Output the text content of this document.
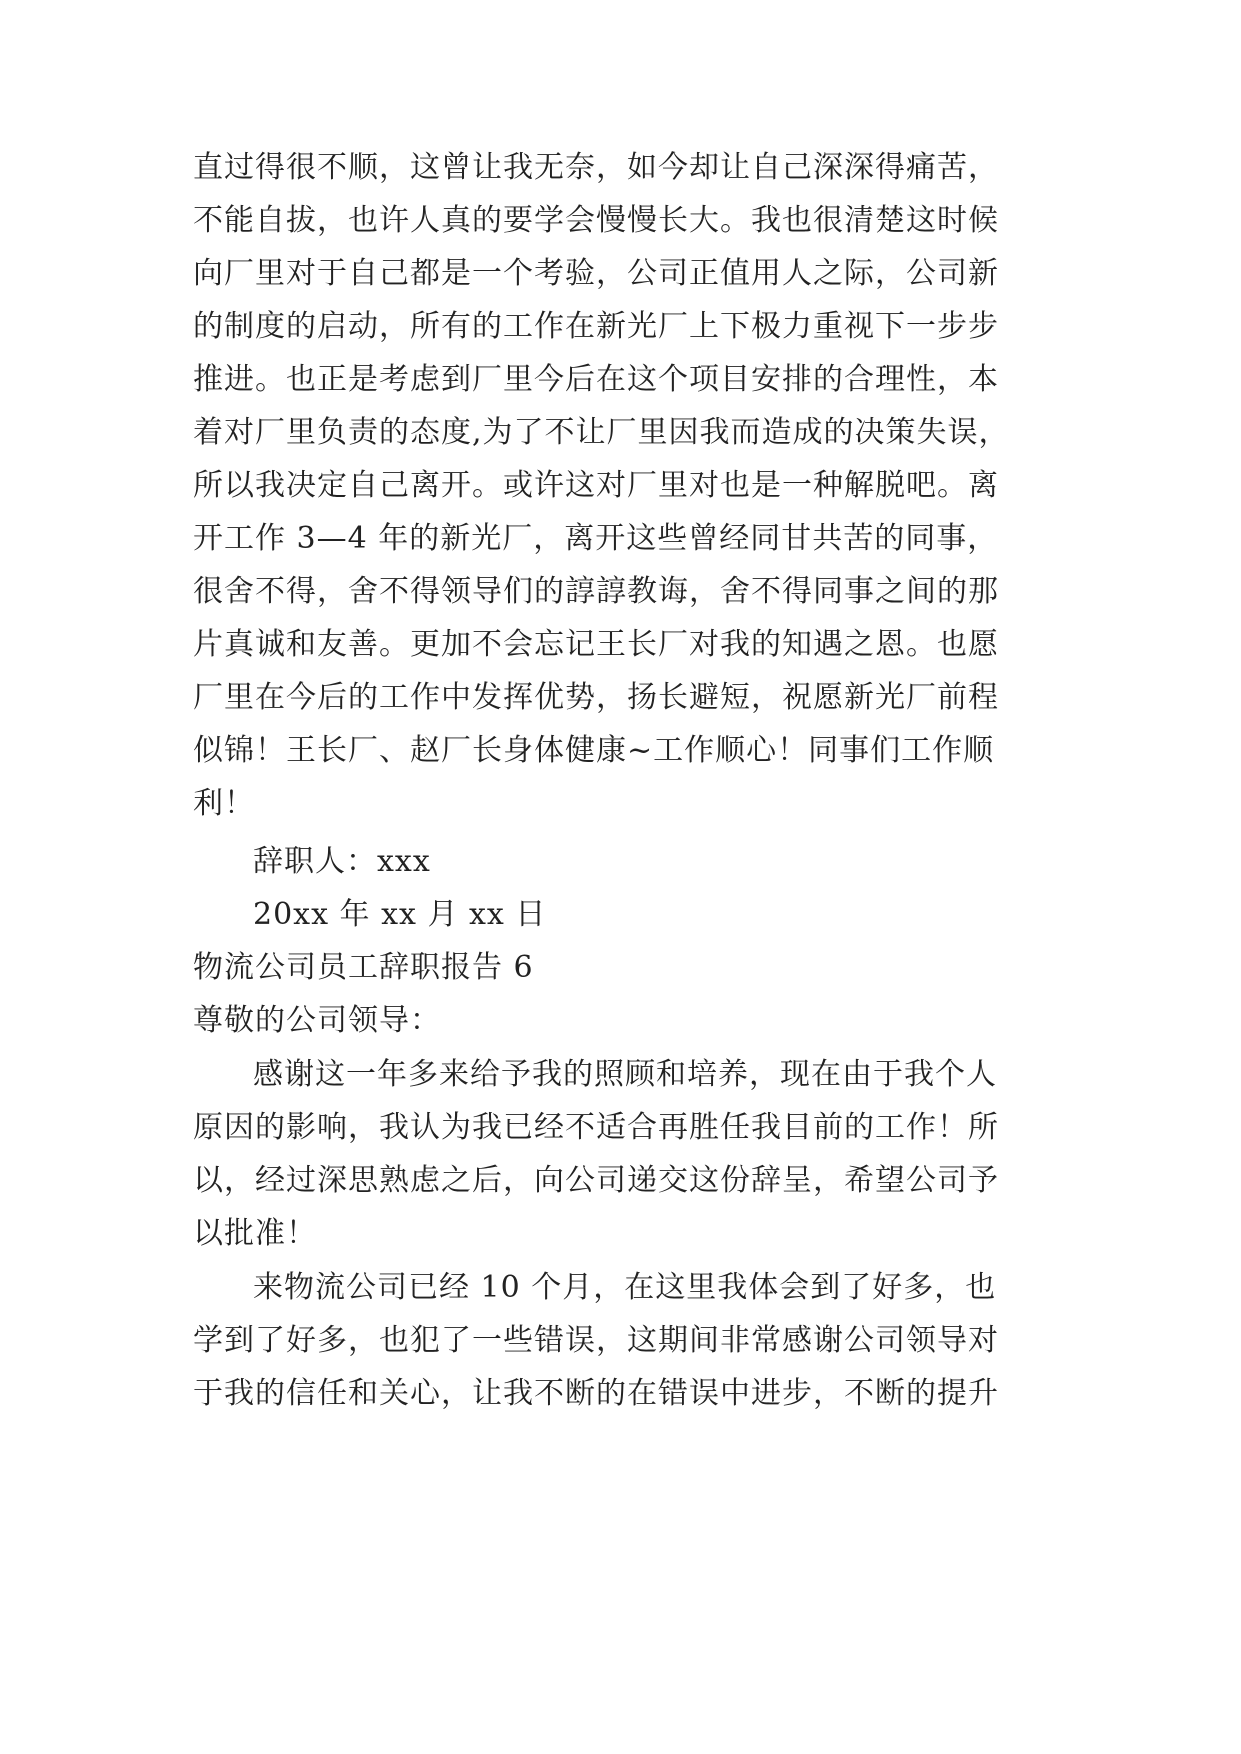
直过得很不顺，这曾让我无奈，如今却让自己深深得痛苦，
不能自拔，也许人真的要学会慢慢长大。我也很清楚这时候
向厂里对于自己都是一个考验，公司正值用人之际，公司新
的制度的启动，所有的工作在新光厂上下极力重视下一步步
推进。也正是考虑到厂里今后在这个项目安排的合理性，本
着对厂里负责的态度,为了不让厂里因我而造成的决策失误，
所以我决定自己离开。或许这对厂里对也是一种解脱吧。离
开工作 3—4 年的新光厂，离开这些曾经同甘共苦的同事，
很舍不得，舍不得领导们的諄諄教诲，舍不得同事之间的那
片真诚和友善。更加不会忘记王长厂对我的知遇之恩。也愿
厂里在今后的工作中发挥优势，扬长避短，祝愿新光厂前程
似锦！王长厂、赵厂长身体健康~工作顺心！同事们工作顺
利！
辞职人：xxx
20xx 年 xx 月 xx 日
物流公司员工辞职报告 6
尊敬的公司领导：
感谢这一年多来给予我的照顾和培养，现在由于我个人
原因的影响，我认为我已经不适合再胜任我目前的工作！所
以，经过深思熟虑之后，向公司递交这份辞呈，希望公司予
以批准！
来物流公司已经 10 个月，在这里我体会到了好多，也
学到了好多，也犯了一些错误，这期间非常感谢公司领导对
于我的信任和关心，让我不断的在错误中进步，不断的提升
